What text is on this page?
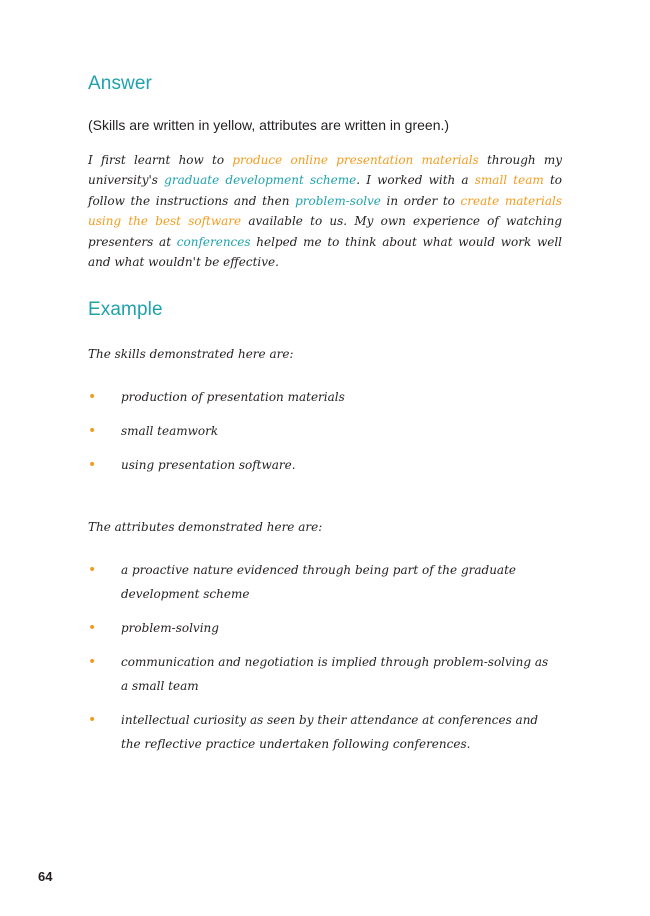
Answer

(Skills are written in yellow, attributes are written in green.)

I first learnt how to produce online presentation materials through my university's graduate development scheme. I worked with a small team to follow the instructions and then problem-solve in order to create materials using the best software available to us. My own experience of watching presenters at conferences helped me to think about what would work well and what wouldn't be effective.

Example

The skills demonstrated here are:

• production of presentation materials
• small teamwork
• using presentation software.

The attributes demonstrated here are:

• a proactive nature evidenced through being part of the graduate development scheme
• problem-solving
• communication and negotiation is implied through problem-solving as a small team
• intellectual curiosity as seen by their attendance at conferences and the reflective practice undertaken following conferences.

64
